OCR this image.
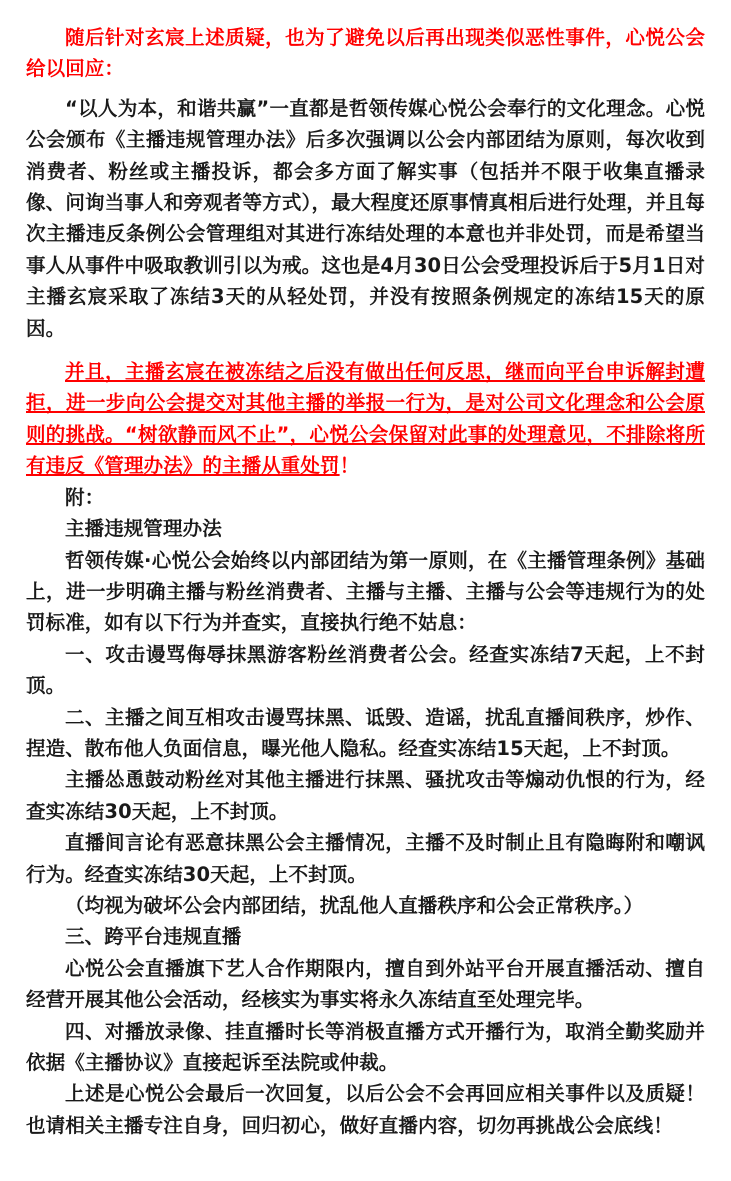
随后针对玄宸上述质疑，也为了避免以后再出现类似恶性事件，心悦公会给以回应：

“以人为本，和谐共赢”一直都是哲领传媒心悦公会奉行的文化理念。心悦公会颁布《主播违规管理办法》后多次强调以公会内部团结为原则，每次收到消费者、粉丝或主播投诉，都会多方面了解实事（包括并不限于收集直播录像、问询当事人和旁观者等方式），最大程度还原事情真相后进行处理，并且每次主播违反条例公会管理组对其进行冻结处理的本意也并非处罚，而是希望当事人从事件中吸取教训引以为戒。这也是4月30日公会受理投诉后于5月1日对主播玄宸采取了冻结3天的从轻处罚，并没有按照条例规定的冻结15天的原因。

并且，主播玄宸在被冻结之后没有做出任何反思，继而向平台申诉解封遭拒，进一步向公会提交对其他主播的举报一行为，是对公司文化理念和公会原则的挑战。“树欲静而风不止”，心悦公会保留对此事的处理意见，不排除将所有违反《管理办法》的主播从重处罚！

附：

主播违规管理办法

哲领传媒·心悦公会始终以内部团结为第一原则，在《主播管理条例》基础上，进一步明确主播与粉丝消费者、主播与主播、主播与公会等违规行为的处罚标准，如有以下行为并查实，直接执行绝不姑息：

一、攻击谩骂侮辱抹黑游客粉丝消费者公会。经查实冻结7天起，上不封顶。

二、主播之间互相攻击谩骂抹黑、诋毁、造谣，扰乱直播间秩序，炒作、捏造、散布他人负面信息，曝光他人隐私。经查实冻结15天起，上不封顶。

主播怂恿鼓动粉丝对其他主播进行抹黑、骚扰攻击等煽动仇恨的行为，经查实冻结30天起，上不封顶。

直播间言论有恶意抹黑公会主播情况，主播不及时制止且有隐晦附和嘲讽行为。经查实冻结30天起，上不封顶。

（均视为破坏公会内部团结，扰乱他人直播秩序和公会正常秩序。）

三、跨平台违规直播

心悦公会直播旗下艺人合作期限内，擅自到外站平台开展直播活动、擅自经营开展其他公会活动，经核实为事实将永久冻结直至处理完毕。

四、对播放录像、挂直播时长等消极直播方式开播行为，取消全勤奖励并依据《主播协议》直接起诉至法院或仲裁。

上述是心悦公会最后一次回复，以后公会不会再回应相关事件以及质疑！也请相关主播专注自身，回归初心，做好直播内容，切勿再挑战公会底线！
